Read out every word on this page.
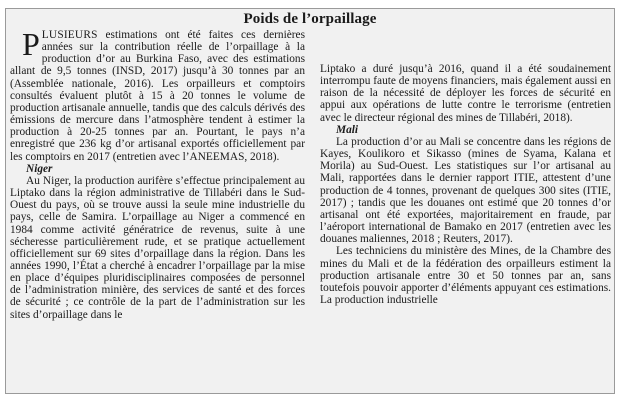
Poids de l’orpaillage

PLUSIEURS estimations ont été faites ces dernières années sur la contribution réelle de l’orpaillage à la production d’or au Burkina Faso, avec des estimations allant de 9,5 tonnes (INSD, 2017) jusqu’à 30 tonnes par an (Assemblée nationale, 2016). Les orpailleurs et comptoirs consultés évaluent plutôt à 15 à 20 tonnes le volume de production artisanale annuelle, tandis que des calculs dérivés des émissions de mercure dans l’atmosphère tendent à estimer la production à 20-25 tonnes par an. Pourtant, le pays n’a enregistré que 236 kg d’or artisanal exportés officiellement par les comptoirs en 2017 (entretien avec l’ANEEMAS, 2018).

Niger

Au Niger, la production aurifère s’effectue principalement au Liptako dans la région administrative de Tillabéri dans le Sud-Ouest du pays, où se trouve aussi la seule mine industrielle du pays, celle de Samira. L’orpaillage au Niger a commencé en 1984 comme activité génératrice de revenus, suite à une sécheresse particulièrement rude, et se pratique actuellement officiellement sur 69 sites d’orpaillage dans la région. Dans les années 1990, l’État a cherché à encadrer l’orpaillage par la mise en place d’équipes pluridisciplinaires composées de personnel de l’administration minière, des services de santé et des forces de sécurité ; ce contrôle de la part de l’administration sur les sites d’orpaillage dans le

Liptako a duré jusqu’à 2016, quand il a été soudainement interrompu faute de moyens financiers, mais également aussi en raison de la nécessité de déployer les forces de sécurité en appui aux opérations de lutte contre le terrorisme (entretien avec le directeur régional des mines de Tillabéri, 2018).

Mali

La production d’or au Mali se concentre dans les régions de Kayes, Koulikoro et Sikasso (mines de Syama, Kalana et Morila) au Sud-Ouest. Les statistiques sur l’or artisanal au Mali, rapportées dans le dernier rapport ITIE, attestent d’une production de 4 tonnes, provenant de quelques 300 sites (ITIE, 2017) ; tandis que les douanes ont estimé que 20 tonnes d’or artisanal ont été exportées, majoritairement en fraude, par l’aéroport international de Bamako en 2017 (entretien avec les douanes maliennes, 2018 ; Reuters, 2017).

Les techniciens du ministère des Mines, de la Chambre des mines du Mali et de la fédération des orpailleurs estiment la production artisanale entre 30 et 50 tonnes par an, sans toutefois pouvoir apporter d’éléments appuyant ces estimations. La production industrielle
